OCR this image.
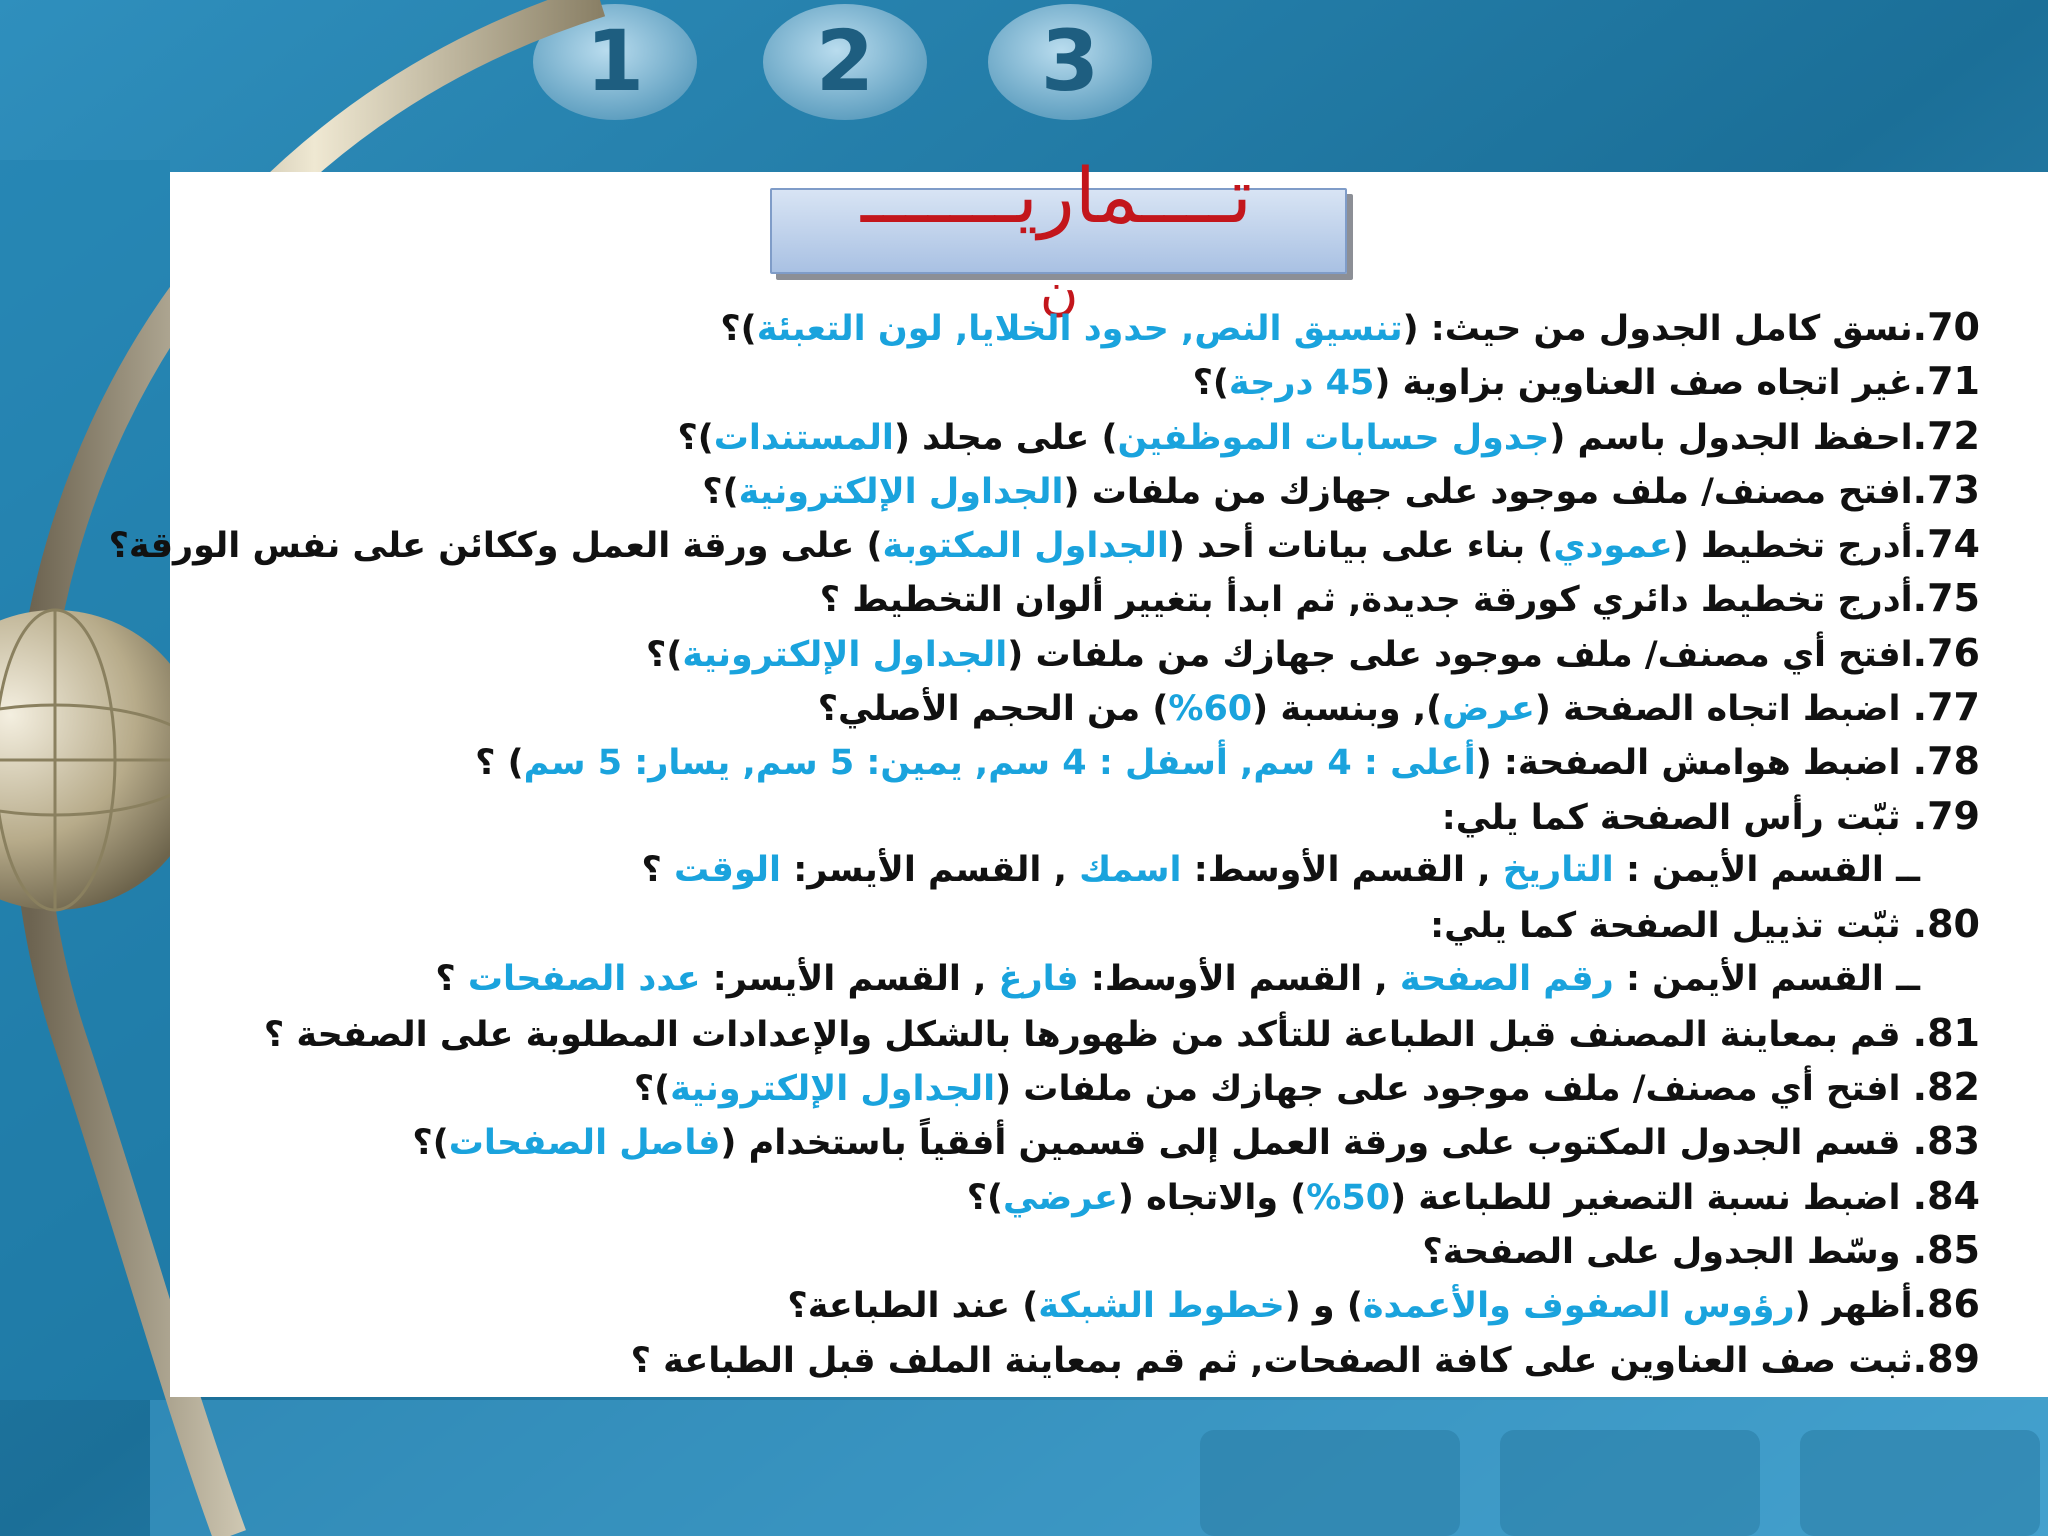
1 2 3
تــــماريـــــــ
ن
70.نسق كامل الجدول من حيث: (تنسيق النص, حدود الخلايا, لون التعبئة)؟
71.غير اتجاه صف العناوين بزاوية (45 درجة)؟
72.احفظ الجدول باسم (جدول حسابات الموظفين) على مجلد (المستندات)؟
73.افتح مصنف/ ملف موجود على جهازك من ملفات (الجداول الإلكترونية)؟
74.أدرج تخطيط (عمودي) بناء على بيانات أحد (الجداول المكتوبة) على ورقة العمل وككائن على نفس الورقة؟
75.أدرج تخطيط دائري كورقة جديدة, ثم ابدأ بتغيير ألوان التخطيط ؟
76.افتح أي مصنف/ ملف موجود على جهازك من ملفات (الجداول الإلكترونية)؟
77. اضبط اتجاه الصفحة (عرض), وبنسبة (60%) من الحجم الأصلي؟
78. اضبط هوامش الصفحة: (أعلى : 4 سم, أسفل : 4 سم, يمين: 5 سم, يسار: 5 سم) ؟
79. ثبّت رأس الصفحة كما يلي:
ــ القسم الأيمن : التاريخ , القسم الأوسط: اسمك , القسم الأيسر: الوقت ؟
80. ثبّت تذييل الصفحة كما يلي:
ــ القسم الأيمن : رقم الصفحة , القسم الأوسط: فارغ , القسم الأيسر: عدد الصفحات ؟
81. قم بمعاينة المصنف قبل الطباعة للتأكد من ظهورها بالشكل والإعدادات المطلوبة على الصفحة ؟
82. افتح أي مصنف/ ملف موجود على جهازك من ملفات (الجداول الإلكترونية)؟
83. قسم الجدول المكتوب على ورقة العمل إلى قسمين أفقياً باستخدام (فاصل الصفحات)؟
84. اضبط نسبة التصغير للطباعة (50%) والاتجاه (عرضي)؟
85. وسّط الجدول على الصفحة؟
86.أظهر (رؤوس الصفوف والأعمدة) و (خطوط الشبكة) عند الطباعة؟
89.ثبت صف العناوين على كافة الصفحات, ثم قم بمعاينة الملف قبل الطباعة ؟
